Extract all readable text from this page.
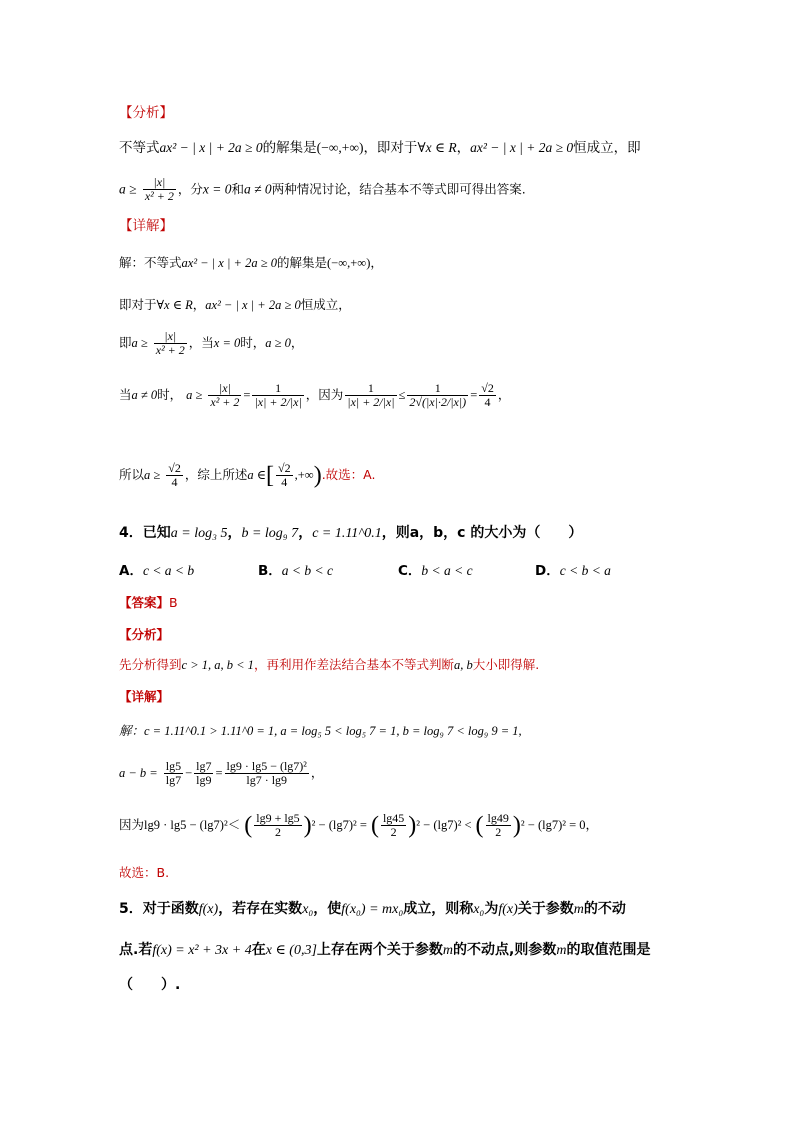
【分析】
不等式ax² − | x | + 2a ≥ 0的解集是(−∞,+∞)，即对于∀x ∈ R，ax² − | x | + 2a ≥ 0恒成立，即
$a \ge \frac{|x|}{\text{x² + 2}}$ ，分x = 0和a ≠ 0两种情况讨论，结合基本不等式即可得出答案.
【详解】
解：不等式ax² − | x | + 2a ≥ 0的解集是(−∞,+∞)，
即对于∀x ∈ R，ax² − | x | + 2a ≥ 0恒成立，
即$a \ge \frac{|x|}{\text{x² + 2}}$ ，当x = 0时，a ≥ 0，
当a ≠ 0时， $a \ge \frac{|x|}{\text{x² + 2}} = \frac{1}{|x| + 2/|x|}$ ，因为 $\frac{1}{|x| + 2/|x|} \le \frac{1}{2√(|x|\cdot 2/|x|)} = \frac{√2}{4}$ ，
所以$a \ge \frac{√2}{4}$ ，综上所述a ∈[ $\frac{√2}{4}$ ,+∞).故选：A.
4．已知a = log₃ 5，b = log₉ 7，c = 1.11^0.1，则a，b，c 的大小为（　　）
A．c < a < b	B．a < b < c	C．b < a < c	D．c < b < a
【答案】B
【分析】
先分析得到c > 1, a, b < 1，再利用作差法结合基本不等式判断a, b大小即得解.
【详解】
解：c = 1.11^0.1 > 1.11^0 = 1, a = log₅ 5 < log₅ 7 = 1, b = log₉ 7 < log₉ 9 = 1,
$a - b = \frac{\lg 5}{\lg 7} - \frac{\lg 7}{\lg 9} = \frac{\text{lg9 · lg5 − (lg7)²}}{\lg 7 \cdot \lg 9}$ ，
因为lg9 · lg5 − (lg7)²＜ ( $\frac{\lg 9 + \lg 5}{2} )^2 - (\lg 7)^2$ = ( $\frac{\lg 45}{2} )^2 - (\lg 7)^2$ < ( $\frac{\lg 49}{2} )^2 - (\lg 7)^2 = 0$，
故选：B.
5．对于函数f(x)，若存在实数x₀，使f(x₀) = mx₀成立，则称x₀为f(x)关于参数m的不动
点.若f(x) = x² + 3x + 4在x ∈ (0,3]上存在两个关于参数m的不动点,则参数m的取值范围是
（　　）.
